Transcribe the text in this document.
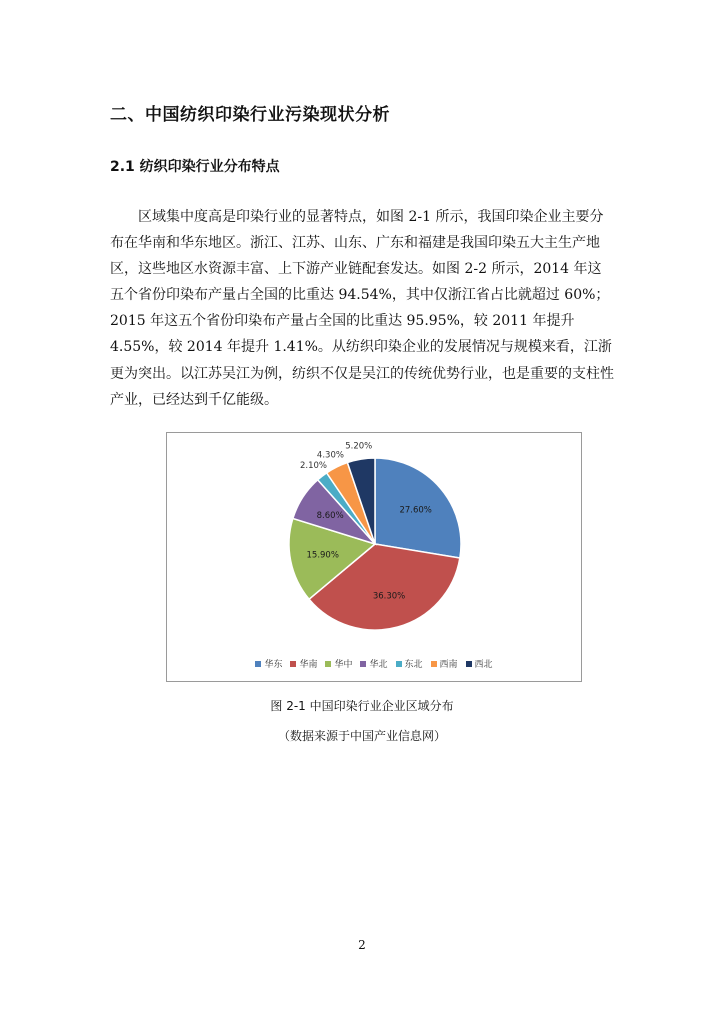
二、中国纺织印染行业污染现状分析
2.1 纺织印染行业分布特点

　　区域集中度高是印染行业的显著特点，如图 2-1 所示，我国印染企业主要分布在华南和华东地区。浙江、江苏、山东、广东和福建是我国印染五大主生产地区，这些地区水资源丰富、上下游产业链配套发达。如图 2-2 所示，2014 年这五个省份印染布产量占全国的比重达 94.54%，其中仅浙江省占比就超过 60%；2015 年这五个省份印染布产量占全国的比重达 95.95%，较 2011 年提升 4.55%，较 2014 年提升 1.41%。从纺织印染企业的发展情况与规模来看，江浙更为突出。以江苏吴江为例，纺织不仅是吴江的传统优势行业，也是重要的支柱性产业，已经达到千亿能级。

27.60%
36.30%
15.90%
8.60%
2.10%
4.30%
5.20%
华东 华南 华中 华北 东北 西南 西北
图 2-1 中国印染行业企业区域分布
（数据来源于中国产业信息网）
2
